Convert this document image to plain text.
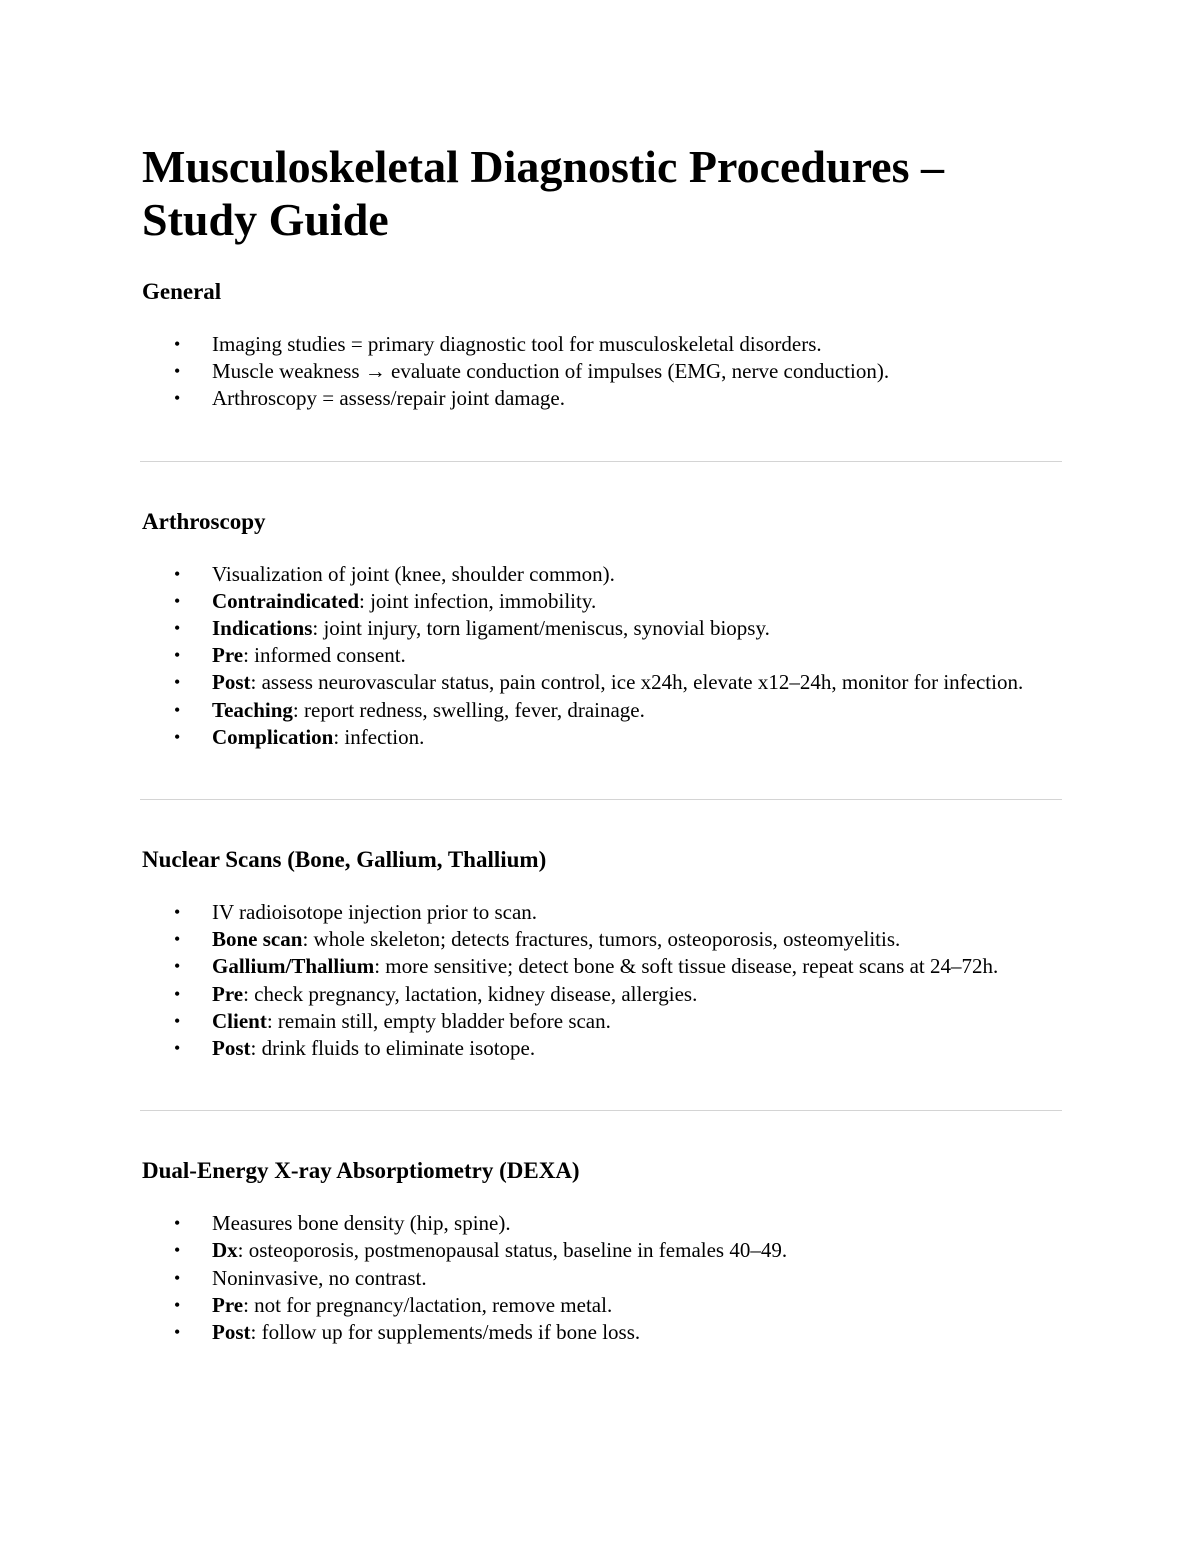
Musculoskeletal Diagnostic Procedures – Study Guide
General
• Imaging studies = primary diagnostic tool for musculoskeletal disorders.
• Muscle weakness → evaluate conduction of impulses (EMG, nerve conduction).
• Arthroscopy = assess/repair joint damage.
Arthroscopy
• Visualization of joint (knee, shoulder common).
• Contraindicated: joint infection, immobility.
• Indications: joint injury, torn ligament/meniscus, synovial biopsy.
• Pre: informed consent.
• Post: assess neurovascular status, pain control, ice x24h, elevate x12–24h, monitor for infection.
• Teaching: report redness, swelling, fever, drainage.
• Complication: infection.
Nuclear Scans (Bone, Gallium, Thallium)
• IV radioisotope injection prior to scan.
• Bone scan: whole skeleton; detects fractures, tumors, osteoporosis, osteomyelitis.
• Gallium/Thallium: more sensitive; detect bone & soft tissue disease, repeat scans at 24–72h.
• Pre: check pregnancy, lactation, kidney disease, allergies.
• Client: remain still, empty bladder before scan.
• Post: drink fluids to eliminate isotope.
Dual-Energy X-ray Absorptiometry (DEXA)
• Measures bone density (hip, spine).
• Dx: osteoporosis, postmenopausal status, baseline in females 40–49.
• Noninvasive, no contrast.
• Pre: not for pregnancy/lactation, remove metal.
• Post: follow up for supplements/meds if bone loss.
